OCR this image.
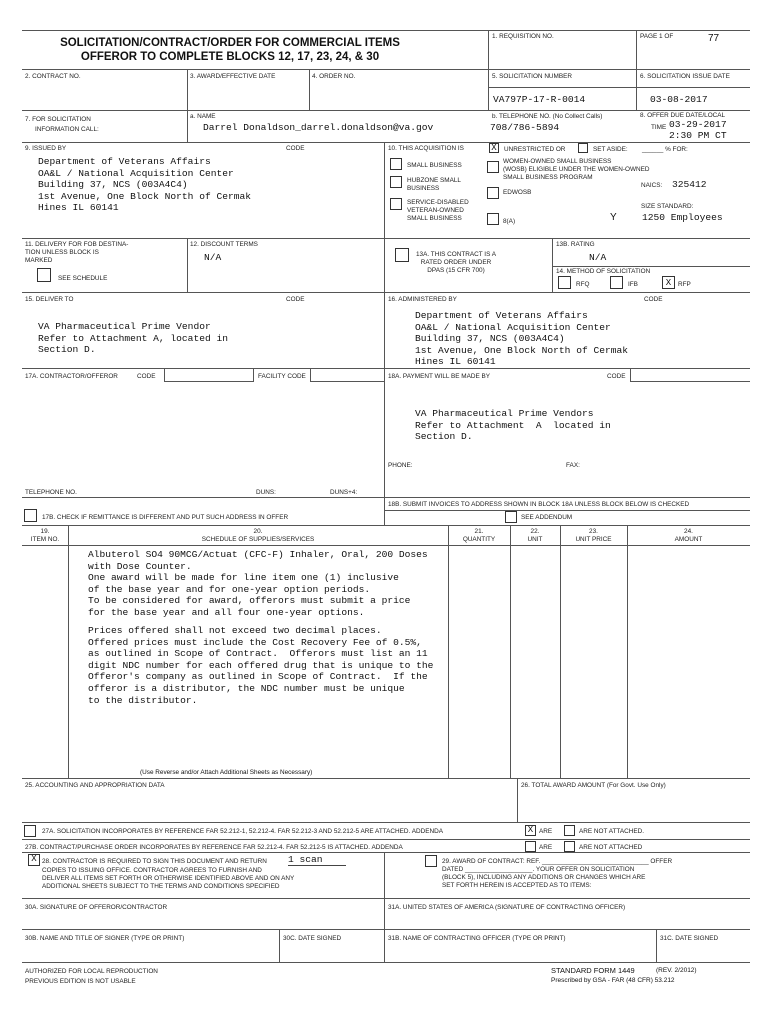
SOLICITATION/CONTRACT/ORDER FOR COMMERCIAL ITEMS
OFFEROR TO COMPLETE BLOCKS 12, 17, 23, 24, & 30
1. REQUISITION NO.	PAGE 1 OF	77
2. CONTRACT NO.	3. AWARD/EFFECTIVE DATE	4. ORDER NO.	5. SOLICITATION NUMBER
VA797P-17-R-0014
6. SOLICITATION ISSUE DATE
03-08-2017
7. FOR SOLICITATION
INFORMATION CALL:
a. NAME
Darrel Donaldson_darrel.donaldson@va.gov
b. TELEPHONE NO. (No Collect Calls)
708/786-5894
8. OFFER DUE DATE/LOCAL
TIME 03-29-2017
2:30 PM CT
9. ISSUED BY	CODE
Department of Veterans Affairs
OA&L / National Acquisition Center
Building 37, NCS (003A4C4)
1st Avenue, One Block North of Cermak
Hines IL 60141
10. THIS ACQUISITION IS	X	UNRESTRICTED OR	SET ASIDE: ______ % FOR:
SMALL BUSINESS
HUBZONE SMALL
BUSINESS
SERVICE-DISABLED
VETERAN-OWNED
SMALL BUSINESS
WOMEN-OWNED SMALL BUSINESS
(WOSB) ELIGIBLE UNDER THE WOMEN-OWNED
SMALL BUSINESS PROGRAM
EDWOSB
8(A)	Y
NAICS: 325412
SIZE STANDARD:
1250 Employees
11. DELIVERY FOR FOB DESTINA-
TION UNLESS BLOCK IS
MARKED
SEE SCHEDULE
12. DISCOUNT TERMS
N/A	13A. THIS CONTRACT IS A
RATED ORDER UNDER
DPAS (15 CFR 700)
13B. RATING
N/A
14. METHOD OF SOLICITATION
RFQ	IFB	X	RFP
15. DELIVER TO	CODE
VA Pharmaceutical Prime Vendor
Refer to Attachment A, located in
Section D.
16. ADMINISTERED BY	CODE
Department of Veterans Affairs
OA&L / National Acquisition Center
Building 37, NCS (003A4C4)
1st Avenue, One Block North of Cermak
Hines IL 60141
17A. CONTRACTOR/OFFEROR	CODE	FACILITY CODE	18A. PAYMENT WILL BE MADE BY	CODE
VA Pharmaceutical Prime Vendors
Refer to Attachment  A  located in
Section D.
PHONE:	FAX:
TELEPHONE NO.	DUNS:	DUNS+4:
17B. CHECK IF REMITTANCE IS DIFFERENT AND PUT SUCH ADDRESS IN OFFER
18B. SUBMIT INVOICES TO ADDRESS SHOWN IN BLOCK 18A UNLESS BLOCK BELOW IS CHECKED
SEE ADDENDUM
19.
ITEM NO.
20.
SCHEDULE OF SUPPLIES/SERVICES
21.
QUANTITY
22.
UNIT
23.
UNIT PRICE
24.
AMOUNT
Albuterol SO4 90MCG/Actuat (CFC-F) Inhaler, Oral, 200 Doses
with Dose Counter.
One award will be made for line item one (1) inclusive
of the base year and for one-year option periods.
To be considered for award, offerors must submit a price
for the base year and all four one-year options.
Prices offered shall not exceed two decimal places.
Offered prices must include the Cost Recovery Fee of 0.5%,
as outlined in Scope of Contract.  Offerors must list an 11
digit NDC number for each offered drug that is unique to the
Offeror's company as outlined in Scope of Contract.  If the
offeror is a distributor, the NDC number must be unique
to the distributor.
(Use Reverse and/or Attach Additional Sheets as Necessary)
25. ACCOUNTING AND APPROPRIATION DATA	26. TOTAL AWARD AMOUNT (For Govt. Use Only)
27A. SOLICITATION INCORPORATES BY REFERENCE FAR 52.212-1, 52.212-4. FAR 52.212-3 AND 52.212-5 ARE ATTACHED. ADDENDA	X ARE	ARE NOT ATTACHED.
27B. CONTRACT/PURCHASE ORDER INCORPORATES BY REFERENCE FAR 52.212-4. FAR 52.212-5 IS ATTACHED. ADDENDA	ARE	ARE NOT ATTACHED
X 28. CONTRACTOR IS REQUIRED TO SIGN THIS DOCUMENT AND RETURN 1 scan
COPIES TO ISSUING OFFICE. CONTRACTOR AGREES TO FURNISH AND
DELIVER ALL ITEMS SET FORTH OR OTHERWISE IDENTIFIED ABOVE AND ON ANY
ADDITIONAL SHEETS SUBJECT TO THE TERMS AND CONDITIONS SPECIFIED
29. AWARD OF CONTRACT: REF. ______________________________ OFFER
DATED ___________________. YOUR OFFER ON SOLICITATION
(BLOCK 5), INCLUDING ANY ADDITIONS OR CHANGES WHICH ARE
SET FORTH HEREIN IS ACCEPTED AS TO ITEMS:
30A. SIGNATURE OF OFFEROR/CONTRACTOR	31A. UNITED STATES OF AMERICA (SIGNATURE OF CONTRACTING OFFICER)
30B. NAME AND TITLE OF SIGNER (TYPE OR PRINT)	30C. DATE SIGNED	31B. NAME OF CONTRACTING OFFICER (TYPE OR PRINT)	31C. DATE SIGNED
AUTHORIZED FOR LOCAL REPRODUCTION
PREVIOUS EDITION IS NOT USABLE
STANDARD FORM 1449	(REV. 2/2012)
Prescribed by GSA - FAR (48 CFR) 53.212
